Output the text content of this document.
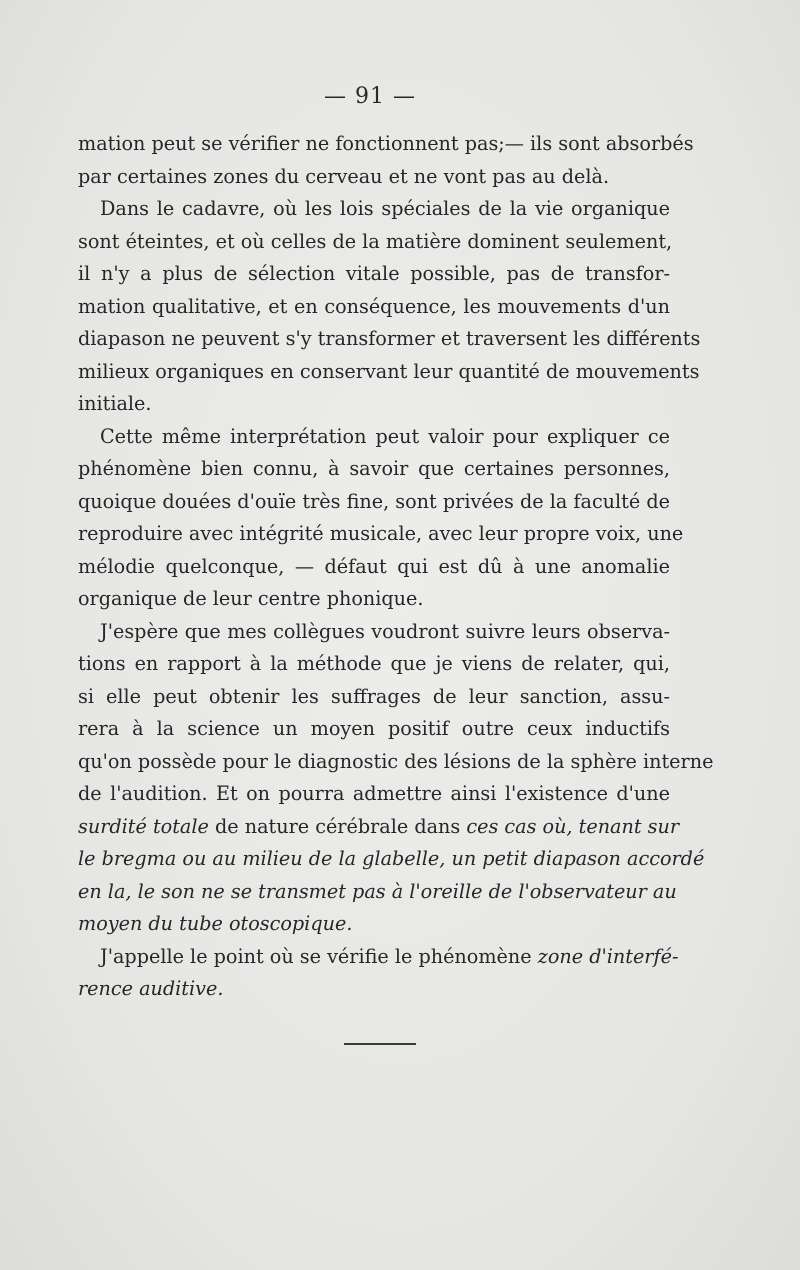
— 91 —
mation peut se vérifier ne fonctionnent pas;— ils sont absorbés
par certaines zones du cerveau et ne vont pas au delà.
Dans le cadavre, où les lois spéciales de la vie organique
sont éteintes, et où celles de la matière dominent seulement,
il n'y a plus de sélection vitale possible, pas de transfor-
mation qualitative, et en conséquence, les mouvements d'un
diapason ne peuvent s'y transformer et traversent les différents
milieux organiques en conservant leur quantité de mouvements
initiale.
Cette même interprétation peut valoir pour expliquer ce
phénomène bien connu, à savoir que certaines personnes,
quoique douées d'ouïe très fine, sont privées de la faculté de
reproduire avec intégrité musicale, avec leur propre voix, une
mélodie quelconque, — défaut qui est dû à une anomalie
organique de leur centre phonique.
J'espère que mes collègues voudront suivre leurs observa-
tions en rapport à la méthode que je viens de relater, qui,
si elle peut obtenir les suffrages de leur sanction, assu-
rera à la science un moyen positif outre ceux inductifs
qu'on possède pour le diagnostic des lésions de la sphère interne
de l'audition. Et on pourra admettre ainsi l'existence d'une
surdité totale de nature cérébrale dans ces cas où, tenant sur
le bregma ou au milieu de la glabelle, un petit diapason accordé
en la, le son ne se transmet pas à l'oreille de l'observateur au
moyen du tube otoscopique.
J'appelle le point où se vérifie le phénomène zone d'interfé-
rence auditive.
